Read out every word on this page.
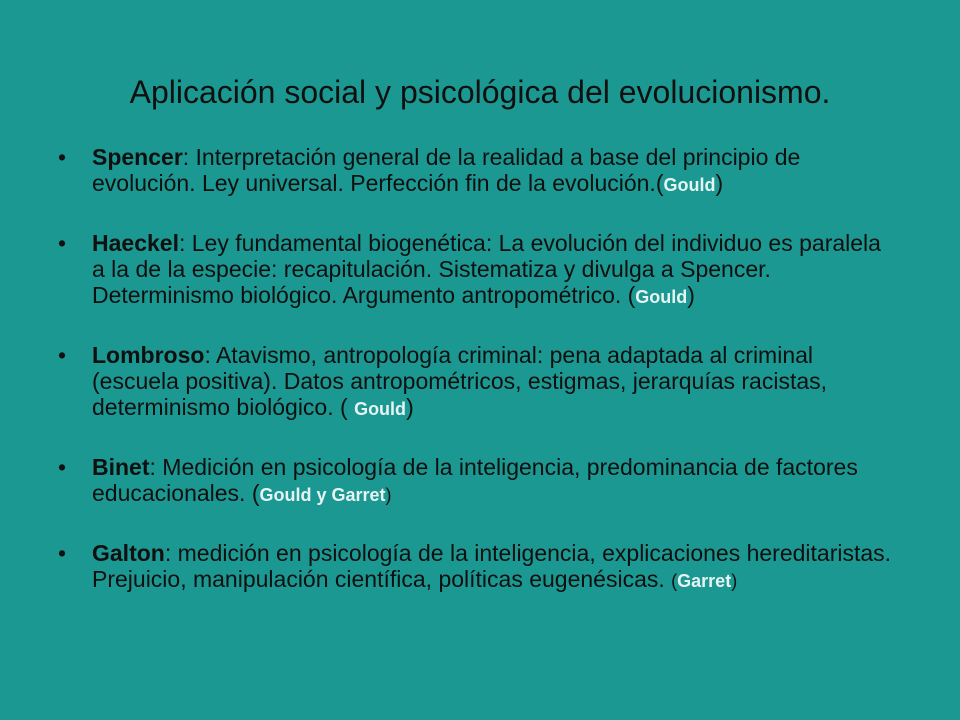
Aplicación social y psicológica del evolucionismo.
• Spencer: Interpretación general de la realidad a base del principio de evolución. Ley universal. Perfección fin de la evolución.(Gould)
• Haeckel: Ley fundamental biogenética: La evolución del individuo es paralela a la de la especie: recapitulación. Sistematiza y divulga a Spencer. Determinismo biológico. Argumento antropométrico. (Gould)
• Lombroso: Atavismo, antropología criminal: pena adaptada al criminal (escuela positiva). Datos antropométricos, estigmas, jerarquías racistas, determinismo biológico. ( Gould)
• Binet: Medición en psicología de la inteligencia, predominancia de factores educacionales. (Gould y Garret)
• Galton: medición en psicología de la inteligencia, explicaciones hereditaristas. Prejuicio, manipulación científica, políticas eugenésicas. (Garret)
